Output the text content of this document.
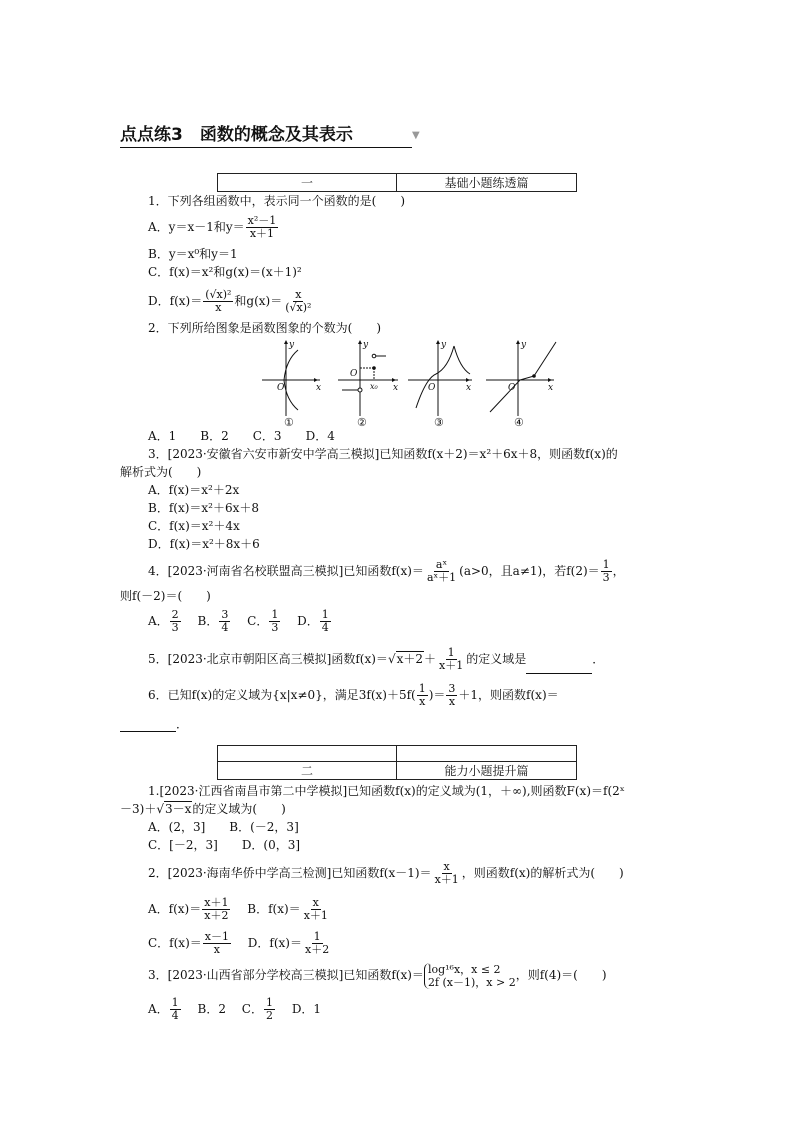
点点练3　函数的概念及其表示	▼
一	基础小题练透篇
1．下列各组函数中，表示同一个函数的是(　　)
A．y＝x－1和$y= \frac{\text{x²－1}}{x+1}$
B．y＝x⁰和y＝1
C．f(x)＝x²和g(x)＝(x＋1)²
D．$f(x)= \frac{\text{(√x)²}}{x}$ 和$g(x)= \frac{x}{\text{(√x)²}}$
2．下列所给图象是函数图象的个数为(　　)
x
y
O
①
x
y
O
x₀
②
x
y
O
③
x
y
O
④
A．1　　B．2　　C．3　　D．4
3．[2023·安徽省六安市新安中学高三模拟]已知函数f(x＋2)＝x²＋6x＋8，则函数f(x)的
解析式为(　　)
A．f(x)＝x²＋2x
B．f(x)＝x²＋6x＋8
C．f(x)＝x²＋4x
D．f(x)＝x²＋8x＋6
4．[2023·河南省名校联盟高三模拟]已知函数$f(x)= \frac{\text{aˣ}}{\text{aˣ＋1}} (a>0$，且a≠1)，若$f(2)= \frac{1}{3}$ ，
则f(－2)＝(　　)
A． $\frac{2}{3}$
　 B． $\frac{3}{4}$
　 C． $\frac{1}{3}$
　 D． $\frac{1}{4}$
5．[2023·北京市朝阳区高三模拟]函数$f(x)=√x+2+ \frac{1}{x+1}$ 的定义域是	．
6．已知f(x)的定义域为{x|x≠0}，满足$3f(x)+5f( \frac{1}{x}$ )＝ $\frac{3}{x} +1$，则函数f(x)＝
．

二	能力小题提升篇
1.[2023·江西省南昌市第二中学模拟]已知函数f(x)的定义域为(1，＋∞),则函数F(x)＝f(2ˣ
－3)＋√3－x的定义域为(　　)
A．(2，3]　　B．(－2，3]
C．[－2，3]　　D．(0，3]
2．[2023·海南华侨中学高三检测]已知函数$f(x-1)= \frac{x}{x+1}$ ，则函数f(x)的解析式为(　　)
A．$f(x)= \frac{x+1}{x+2}$
　 B．$f(x)= \frac{x}{x+1}$
C．$f(x)= \frac{x-1}{x}$
　 D．$f(x)= \frac{1}{x+2}$
3．[2023·山西省部分学校高三模拟]已知函数f(x)＝ log¹⁶x，x ≤ 2
2f (x－1)，x > 2 ，则f(4)＝(　　)
A． $\frac{1}{4}$
　 B．2　 C． $\frac{1}{2}$
　 D．1
